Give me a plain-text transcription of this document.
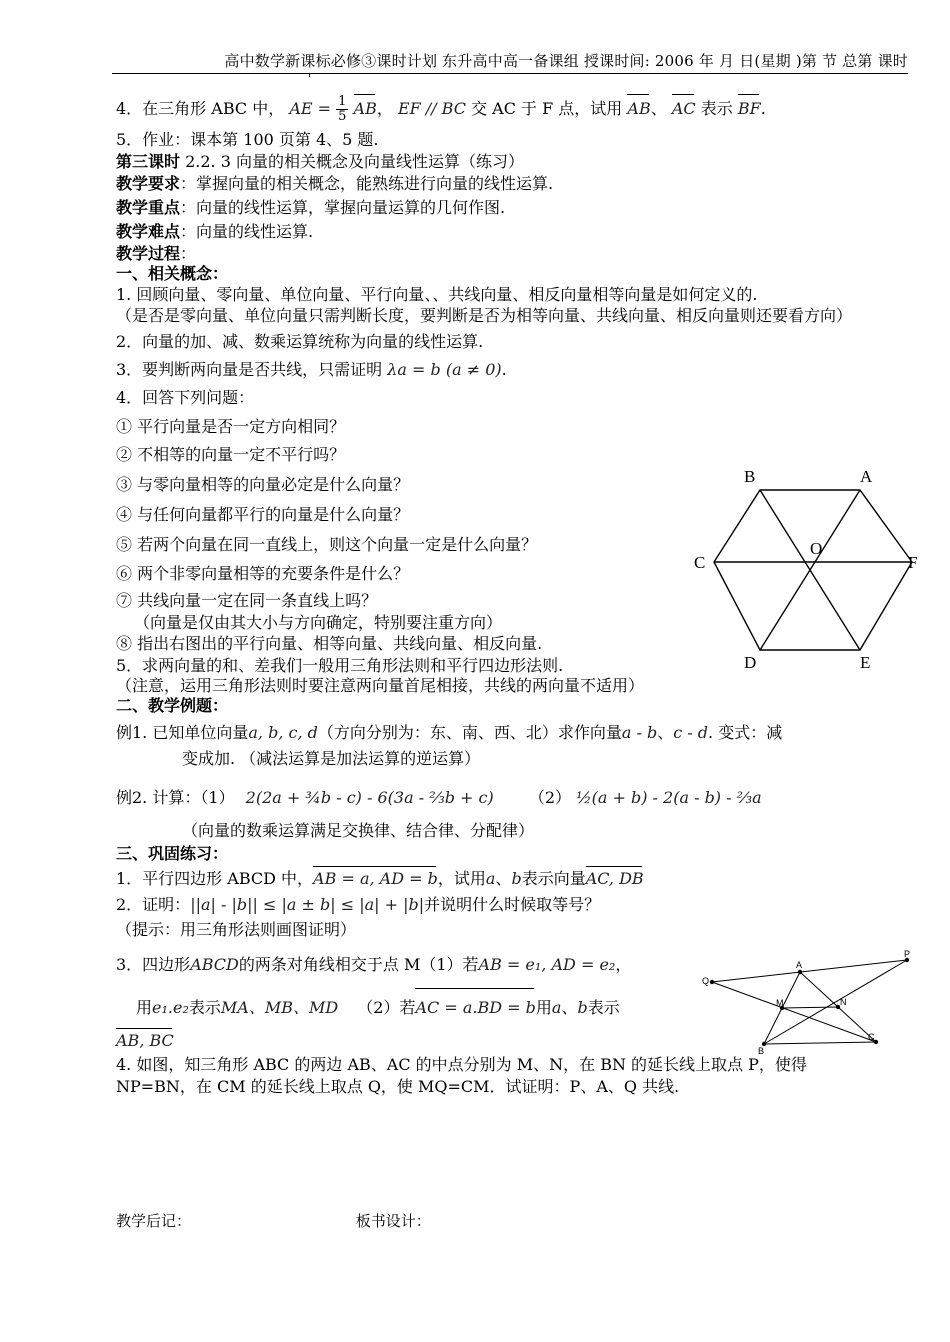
高中数学新课标必修③课时计划 东升高中高一备课组 授课时间: 2006 年 月 日(星期 )第 节 总第 课时
'
4．在三角形 ABC 中， AE = $\frac{1}{5}$ AB， EF // BC 交 AC 于 F 点，试用 AB、 AC 表示 BF.
5．作业：课本第 100 页第 4、5 题.
第三课时 2.2. 3 向量的相关概念及向量线性运算（练习）
教学要求：掌握向量的相关概念，能熟练进行向量的线性运算.
教学重点：向量的线性运算，掌握向量运算的几何作图.
教学难点：向量的线性运算.
教学过程：
一、相关概念：
1. 回顾向量、零向量、单位向量、平行向量、、共线向量、相反向量相等向量是如何定义的.
（是否是零向量、单位向量只需判断长度，要判断是否为相等向量、共线向量、相反向量则还要看方向）
2．向量的加、减、数乘运算统称为向量的线性运算.
3．要判断两向量是否共线，只需证明 λa = b (a ≠ 0).
4．回答下列问题：
① 平行向量是否一定方向相同？
② 不相等的向量一定不平行吗？
③ 与零向量相等的向量必定是什么向量？
④ 与任何向量都平行的向量是什么向量？
⑤ 若两个向量在同一直线上，则这个向量一定是什么向量？
⑥ 两个非零向量相等的充要条件是什么？
⑦ 共线向量一定在同一条直线上吗？
（向量是仅由其大小与方向确定，特别要注重方向）
⑧ 指出右图出的平行向量、相等向量、共线向量、相反向量.
5．求两向量的和、差我们一般用三角形法则和平行四边形法则.
（注意，运用三角形法则时要注意两向量首尾相接，共线的两向量不适用）
二、教学例题：
例1. 已知单位向量a, b, c, d（方向分别为：东、南、西、北）求作向量a - b、c - d. 变式：减
变成加. （减法运算是加法运算的逆运算）
例2. 计算：（1） 2(2a + ¾b - c) - 6(3a - ⅔b + c) （2） ½(a + b) - 2(a - b) - ⅔a
（向量的数乘运算满足交换律、结合律、分配律）
三、巩固练习：
1．平行四边形 ABCD 中，AB = a, AD = b，试用a、b表示向量AC, DB
2．证明：||a| - |b|| ≤ |a ± b| ≤ |a| + |b|并说明什么时候取等号？
（提示：用三角形法则画图证明）
3．四边形ABCD的两条对角线相交于点 M（1）若AB = e₁, AD = e₂，
用e₁.e₂表示MA、MB、MD （2）若AC = a.BD = b用a、b表示
AB, BC
4. 如图，知三角形 ABC 的两边 AB、AC 的中点分别为 M、N，在 BN 的延长线上取点 P，使得 NP=BN，在 CM 的延长线上取点 Q，使 MQ=CM．试证明：P、A、Q 共线.
B	A
C
O
F
D	E
P
Q
A
M	N
B
C
教学后记：	板书设计：
